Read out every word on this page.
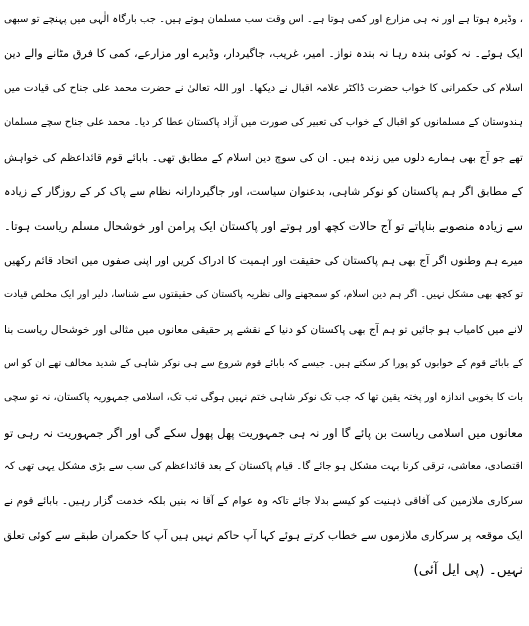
، وڈیرہ ہوتا ہے اور نہ ہی مزارع اور کمی ہوتا ہے۔ اس وقت سب مسلمان ہوتے ہیں۔ جب بارگاہ الٰہی میں پہنچے تو سبھی
ایک ہوئے۔ نہ کوئی بندہ رہا نہ بندہ نواز۔ امیر، غریب، جاگیردار، وڈیرے اور مزارعے، کمی کا فرق مٹانے والے دین
اسلام کی حکمرانی کا خواب حضرت ڈاکٹر علامہ اقبال نے دیکھا۔ اور اللہ تعالیٰ نے حضرت محمد علی جناح کی قیادت میں
ہندوستان کے مسلمانوں کو اقبال کے خواب کی تعبیر کی صورت میں آزاد پاکستان عطا کر دیا۔ محمد علی جناح سچے مسلمان
تھے جو آج بھی ہمارے دلوں میں زندہ ہیں۔ ان کی سوچ دین اسلام کے مطابق تھی۔ بابائے قوم قائداعظم کی خواہش
کے مطابق اگر ہم پاکستان کو نوکر شاہی، بدعنوان سیاست، اور جاگیردارانہ نظام سے پاک کر کے روزگار کے زیادہ
سے زیادہ منصوبے بناپاتے تو آج حالات کچھ اور ہوتے اور پاکستان ایک پرامن اور خوشحال مسلم ریاست ہوتا۔
میرے ہم وطنوں اگر آج بھی ہم پاکستان کی حقیقت اور اہمیت کا ادراک کریں اور اپنی صفوں میں اتحاد قائم رکھیں
تو کچھ بھی مشکل نہیں۔ اگر ہم دین اسلام، کو سمجھنے والی نظریہ پاکستان کی حقیقتوں سے شناسا، دلیر اور ایک مخلص قیادت
لانے میں کامیاب ہو جائیں تو ہم آج بھی پاکستان کو دنیا کے نقشے پر حقیقی معانوں میں مثالی اور خوشحال ریاست بنا
کے بابائے قوم کے خوابوں کو پورا کر سکتے ہیں۔ جیسے کہ بابائے قوم شروع سے ہی نوکر شاہی کے شدید مخالف تھے ان کو اس
بات کا بخوبی اندازہ اور پختہ یقین تھا کہ جب تک نوکر شاہی ختم نہیں ہوگی تب تک، اسلامی جمہوریہ پاکستان، نہ تو سچی
معانوں میں اسلامی ریاست بن پائے گا اور نہ ہی جمہوریت پھل پھول سکے گی اور اگر جمہوریت نہ رہی تو
اقتصادی، معاشی، ترقی کرنا بہت مشکل ہو جائے گا۔ قیام پاکستان کے بعد قائداعظم کی سب سے بڑی مشکل یہی تھی کہ
سرکاری ملازمین کی آفاقی ذہنیت کو کیسے بدلا جائے تاکہ وہ عوام کے آقا نہ بنیں بلکہ خدمت گزار رہیں۔ بابائے قوم نے
ایک موقعہ پر سرکاری ملازموں سے خطاب کرتے ہوئے کہا آپ حاکم نہیں ہیں آپ کا حکمران طبقے سے کوئی تعلق
نہیں۔ (پی ایل آئی)
